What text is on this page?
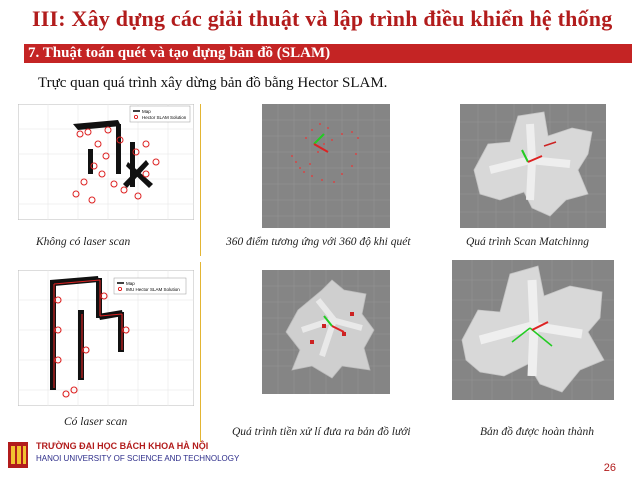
III: Xây dựng các giải thuật và lập trình điều khiển hệ thống
7. Thuật toán quét và tạo dựng bản đồ (SLAM)
Trực quan quá trình xây dừng bản đồ bằng Hector SLAM.
Map
Hector SLAM Solution
Không có laser scan
Map
IMU Hector SLAM Solution
Có laser scan
360 điểm tương ứng với 360 độ khi quét
Quá trình tiền xử lí đưa ra bản đồ lưới
Quá trình Scan Matchinng
Bản đồ được hoàn thành
TRƯỜNG ĐẠI HỌC BÁCH KHOA HÀ NỘI
HANOI UNIVERSITY OF SCIENCE AND TECHNOLOGY
26
